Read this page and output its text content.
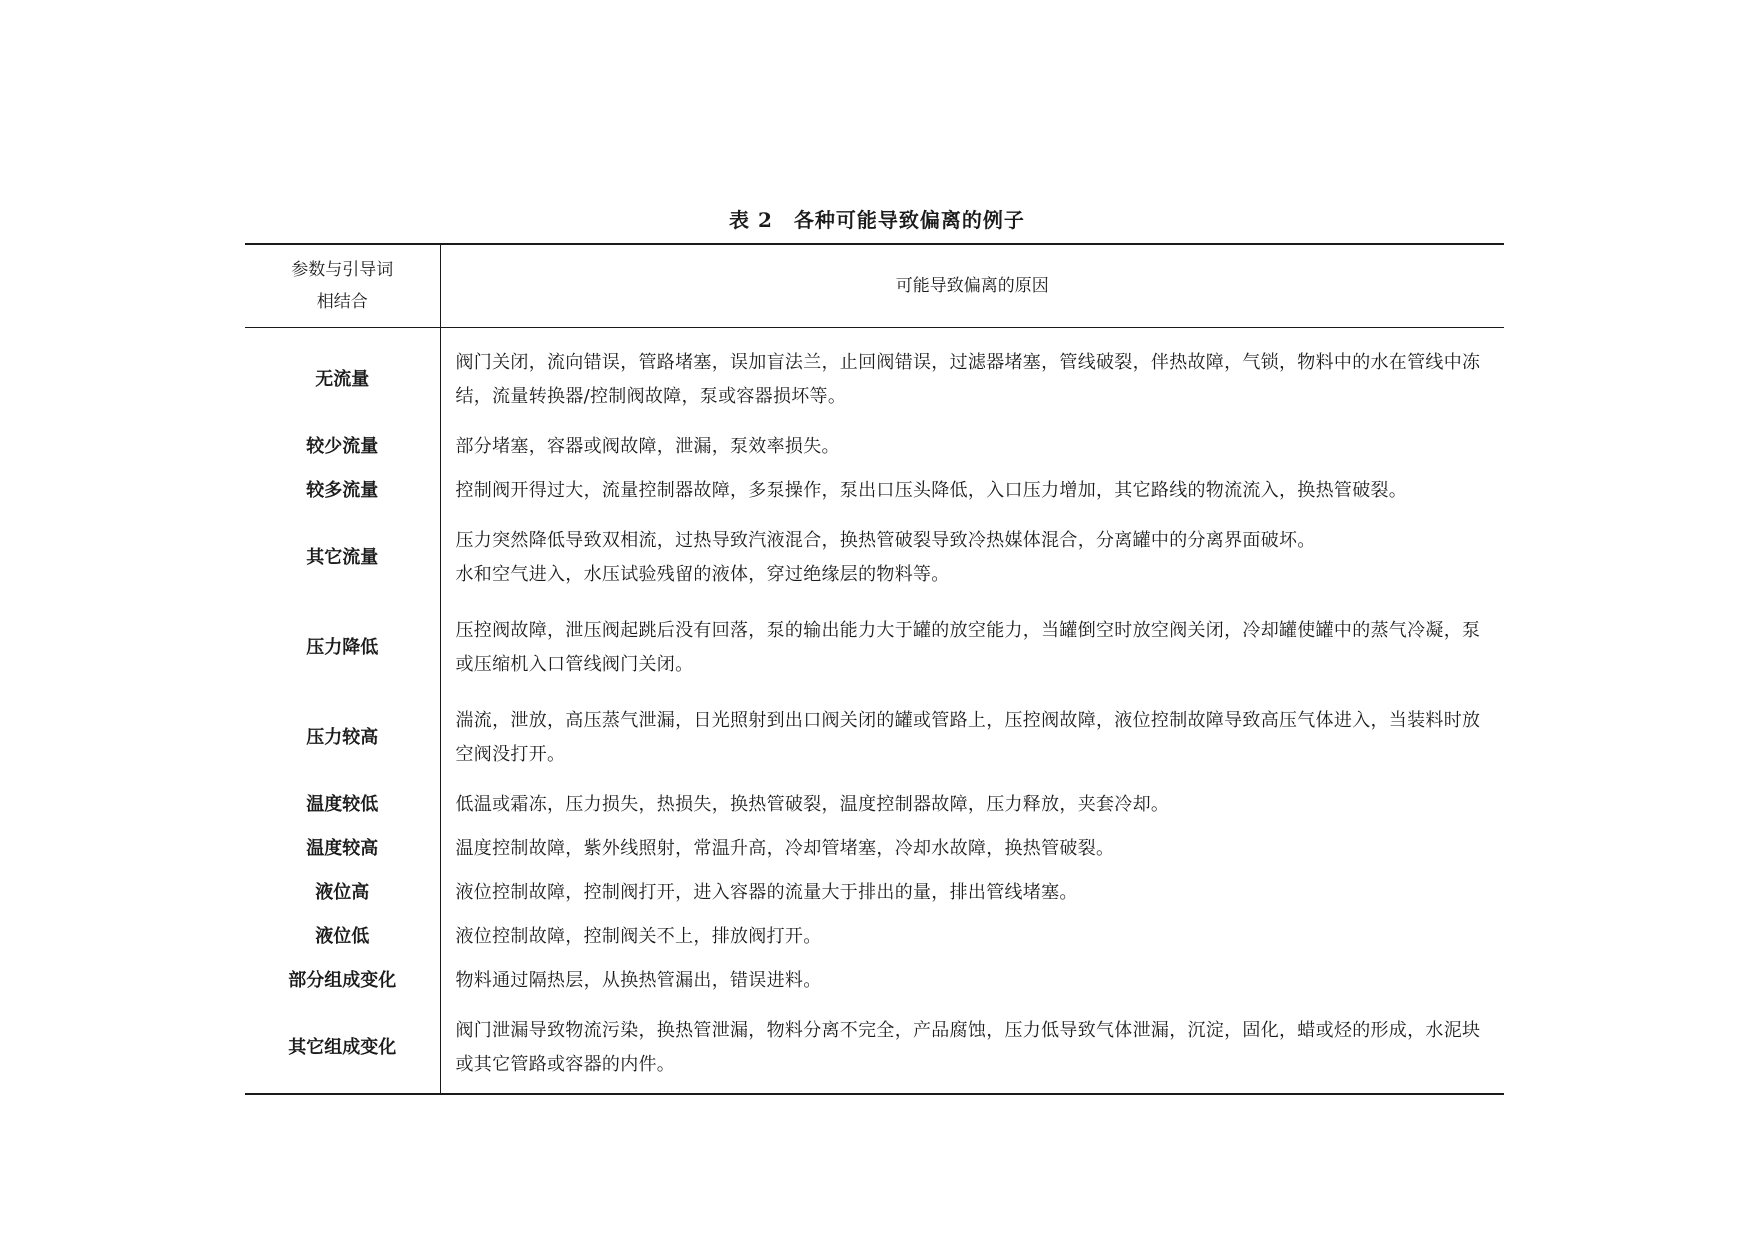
表 2　各种可能导致偏离的例子
参数与引导词
相结合	可能导致偏离的原因
无流量	阀门关闭，流向错误，管路堵塞，误加盲法兰，止回阀错误，过滤器堵塞，管线破裂，伴热故障，气锁，物料中的水在管线中冻结，流量转换器/控制阀故障，泵或容器损坏等。
较少流量	部分堵塞，容器或阀故障，泄漏，泵效率损失。
较多流量	控制阀开得过大，流量控制器故障，多泵操作，泵出口压头降低，入口压力增加，其它路线的物流流入，换热管破裂。
其它流量	压力突然降低导致双相流，过热导致汽液混合，换热管破裂导致冷热媒体混合，分离罐中的分离界面破坏。
水和空气进入，水压试验残留的液体，穿过绝缘层的物料等。
压力降低	压控阀故障，泄压阀起跳后没有回落，泵的输出能力大于罐的放空能力，当罐倒空时放空阀关闭，冷却罐使罐中的蒸气冷凝，泵或压缩机入口管线阀门关闭。
压力较高	湍流，泄放，高压蒸气泄漏，日光照射到出口阀关闭的罐或管路上，压控阀故障，液位控制故障导致高压气体进入，当装料时放空阀没打开。
温度较低	低温或霜冻，压力损失，热损失，换热管破裂，温度控制器故障，压力释放，夹套冷却。
温度较高	温度控制故障，紫外线照射，常温升高，冷却管堵塞，冷却水故障，换热管破裂。
液位高	液位控制故障，控制阀打开，进入容器的流量大于排出的量，排出管线堵塞。
液位低	液位控制故障，控制阀关不上，排放阀打开。
部分组成变化	物料通过隔热层，从换热管漏出，错误进料。
其它组成变化	阀门泄漏导致物流污染，换热管泄漏，物料分离不完全，产品腐蚀，压力低导致气体泄漏，沉淀，固化，蜡或烃的形成，水泥块或其它管路或容器的内件。
